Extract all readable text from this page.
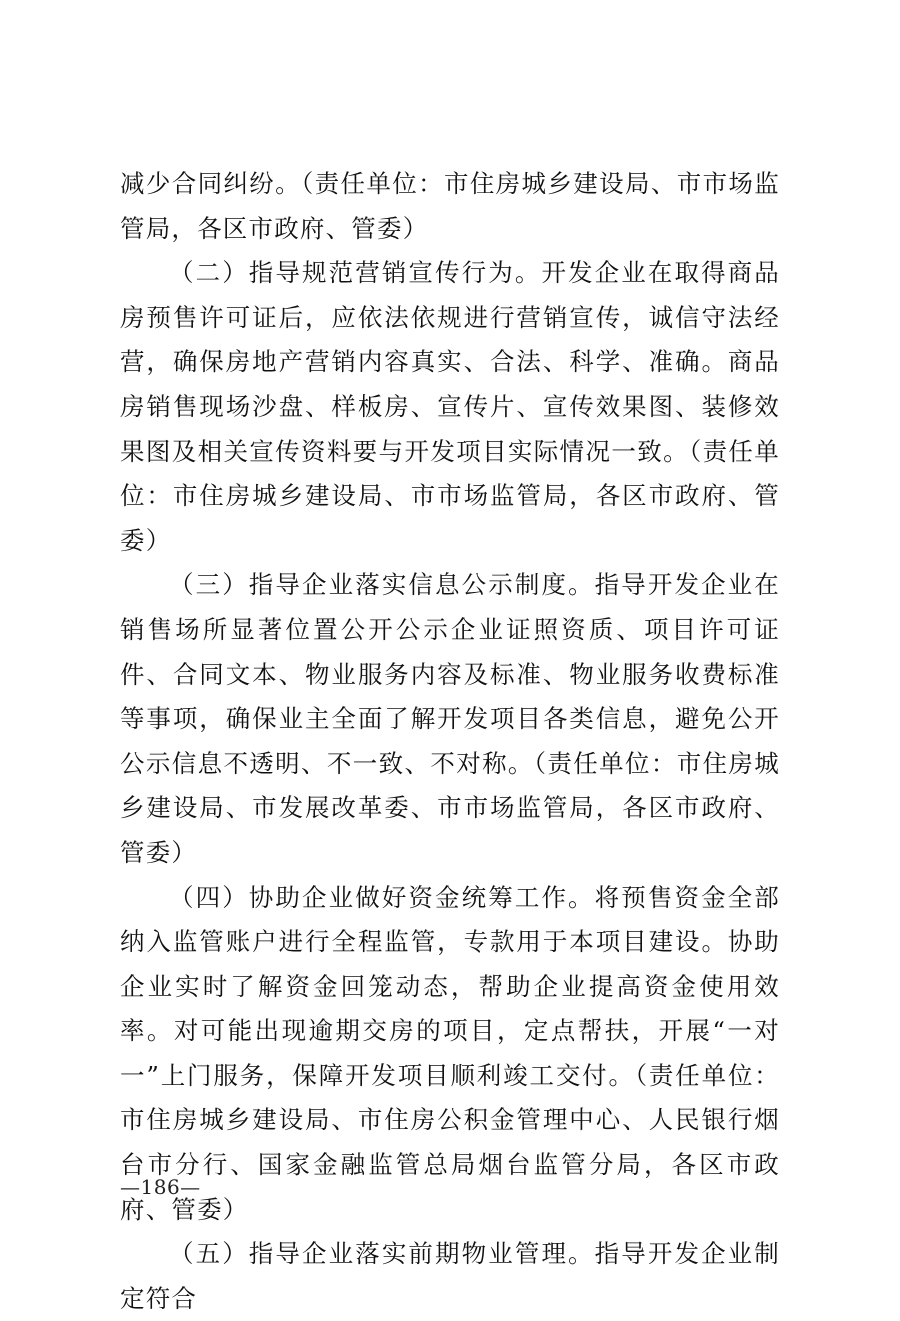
减少合同纠纷。（责任单位：市住房城乡建设局、市市场监管局，各区市政府、管委）

（二）指导规范营销宣传行为。开发企业在取得商品房预售许可证后，应依法依规进行营销宣传，诚信守法经营，确保房地产营销内容真实、合法、科学、准确。商品房销售现场沙盘、样板房、宣传片、宣传效果图、装修效果图及相关宣传资料要与开发项目实际情况一致。（责任单位：市住房城乡建设局、市市场监管局，各区市政府、管委）

（三）指导企业落实信息公示制度。指导开发企业在销售场所显著位置公开公示企业证照资质、项目许可证件、合同文本、物业服务内容及标准、物业服务收费标准等事项，确保业主全面了解开发项目各类信息，避免公开公示信息不透明、不一致、不对称。（责任单位：市住房城乡建设局、市发展改革委、市市场监管局，各区市政府、管委）

（四）协助企业做好资金统筹工作。将预售资金全部纳入监管账户进行全程监管，专款用于本项目建设。协助企业实时了解资金回笼动态，帮助企业提高资金使用效率。对可能出现逾期交房的项目，定点帮扶，开展“一对一”上门服务，保障开发项目顺利竣工交付。（责任单位：市住房城乡建设局、市住房公积金管理中心、人民银行烟台市分行、国家金融监管总局烟台监管分局，各区市政府、管委）

（五）指导企业落实前期物业管理。指导开发企业制定符合

—186—
